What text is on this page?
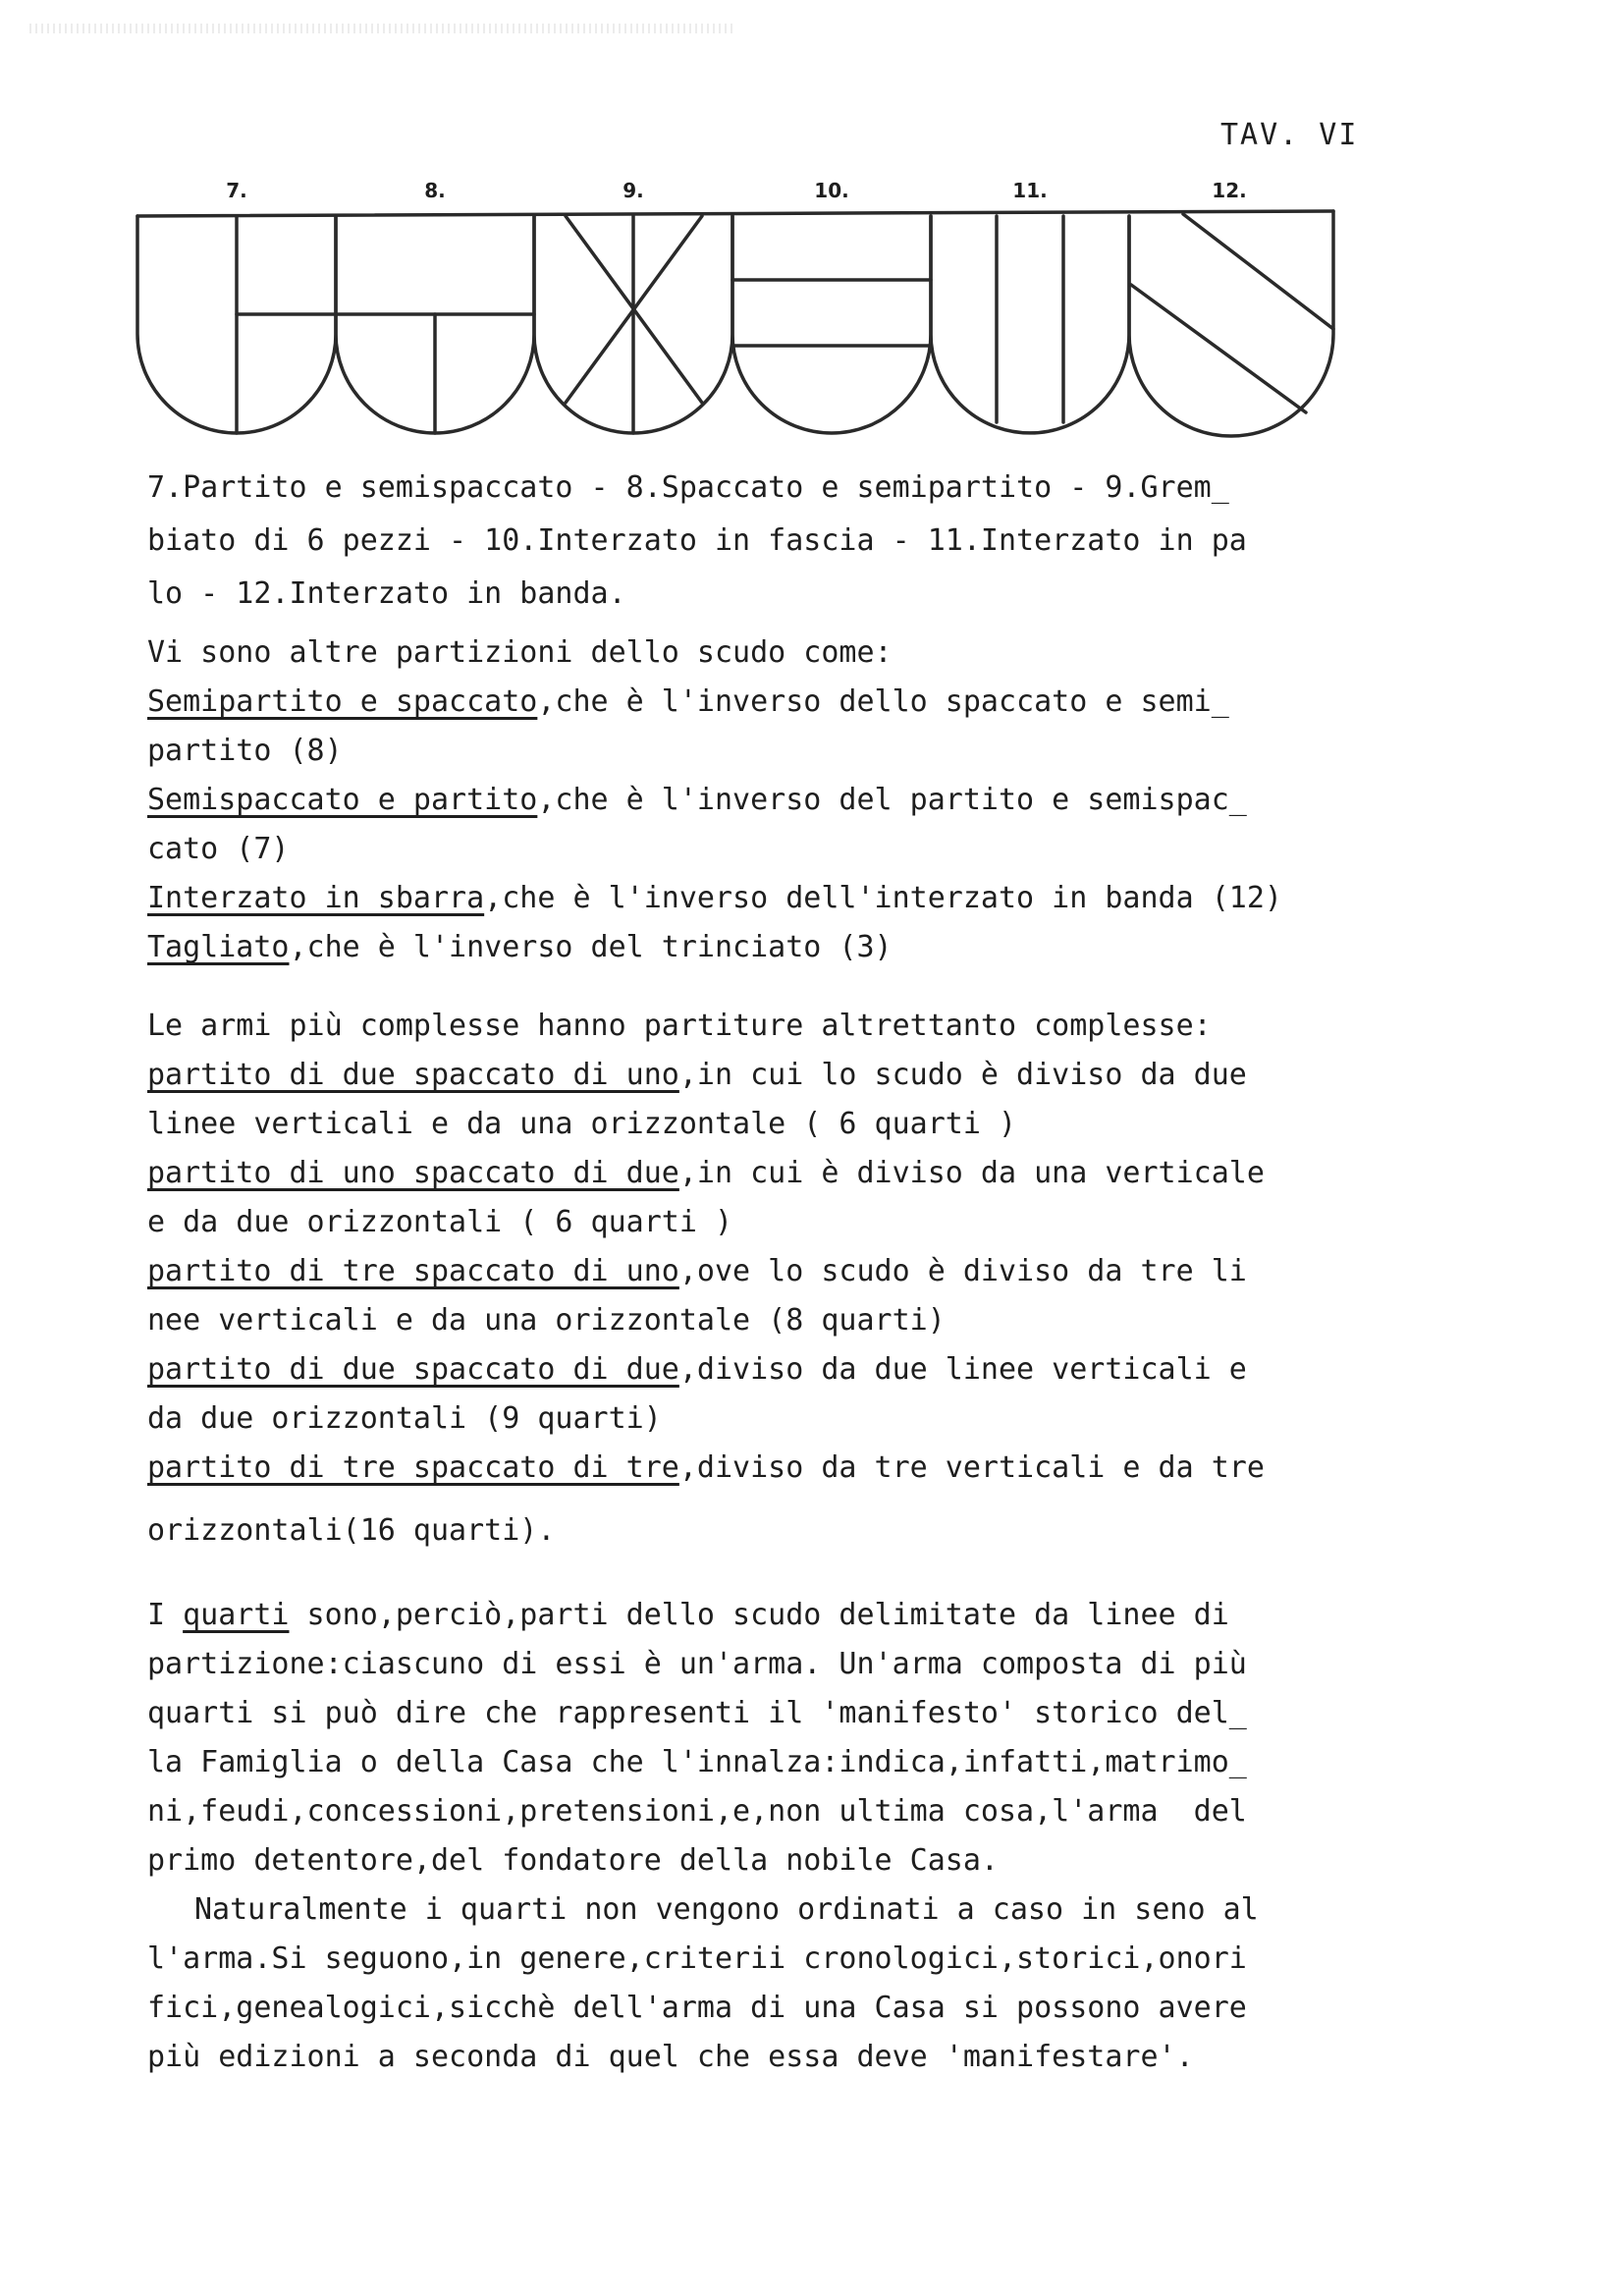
TAV. VI
7.	8.	9.	10.	11.	12.
7.Partito e semispaccato - 8.Spaccato e semipartito - 9.Grem_
biato di 6 pezzi - 10.Interzato in fascia - 11.Interzato in pa
lo - 12.Interzato in banda.
Vi sono altre partizioni dello scudo come:
Semipartito e spaccato,che è l'inverso dello spaccato e semi_
partito (8)
Semispaccato e partito,che è l'inverso del partito e semispac_
cato (7)
Interzato in sbarra,che è l'inverso dell'interzato in banda (12)
Tagliato,che è l'inverso del trinciato (3)
Le armi più complesse hanno partiture altrettanto complesse:
partito di due spaccato di uno,in cui lo scudo è diviso da due
linee verticali e da una orizzontale ( 6 quarti )
partito di uno spaccato di due,in cui è diviso da una verticale
e da due orizzontali ( 6 quarti )
partito di tre spaccato di uno,ove lo scudo è diviso da tre li
nee verticali e da una orizzontale (8 quarti)
partito di due spaccato di due,diviso da due linee verticali e
da due orizzontali (9 quarti)
partito di tre spaccato di tre,diviso da tre verticali e da tre
orizzontali(16 quarti).
I quarti sono,perciò,parti dello scudo delimitate da linee di
partizione:ciascuno di essi è un'arma. Un'arma composta di più
quarti si può dire che rappresenti il 'manifesto' storico del_
la Famiglia o della Casa che l'innalza:indica,infatti,matrimo_
ni,feudi,concessioni,pretensioni,e,non ultima cosa,l'arma  del
primo detentore,del fondatore della nobile Casa.
Naturalmente i quarti non vengono ordinati a caso in seno al
l'arma.Si seguono,in genere,criterii cronologici,storici,onori
fici,genealogici,sicchè dell'arma di una Casa si possono avere
più edizioni a seconda di quel che essa deve 'manifestare'.
